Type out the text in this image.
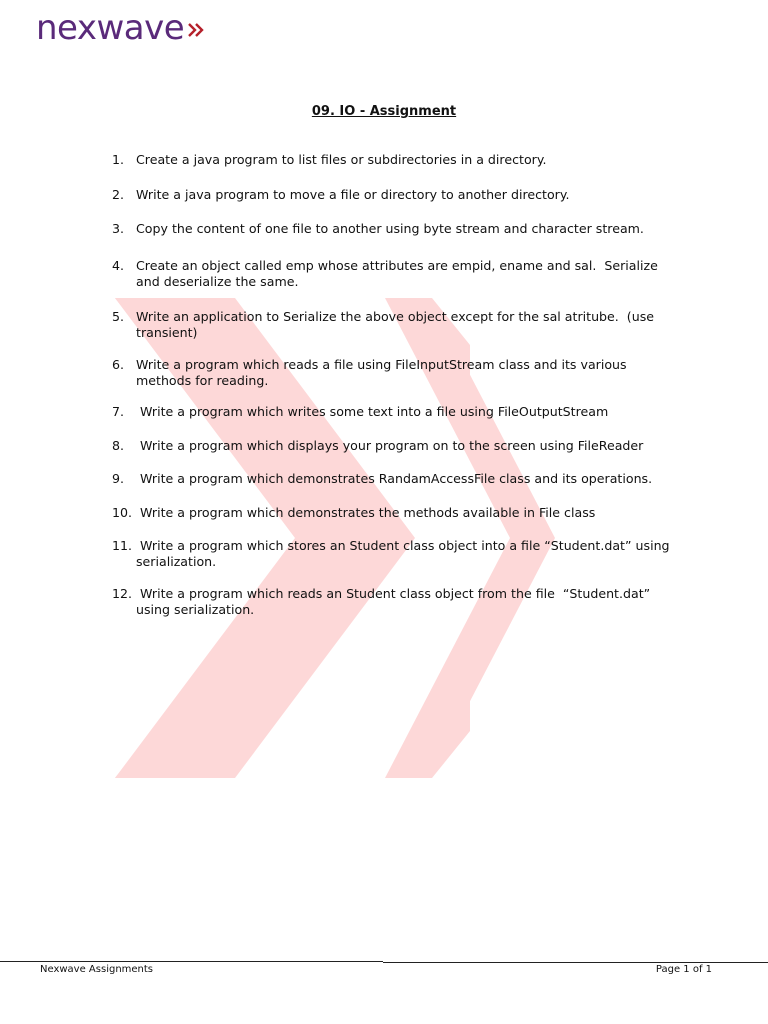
nexwave
09. IO - Assignment
1. Create a java program to list files or subdirectories in a directory.
2. Write a java program to move a file or directory to another directory.
3. Copy the content of one file to another using byte stream and character stream.
4. Create an object called emp whose attributes are empid, ename and sal.  Serialize and deserialize the same.
5. Write an application to Serialize the above object except for the sal atritube.  (use transient)
6. Write a program which reads a file using FileInputStream class and its various methods for reading.
7. Write a program which writes some text into a file using FileOutputStream
8. Write a program which displays your program on to the screen using FileReader
9. Write a program which demonstrates RandamAccessFile class and its operations.
10. Write a program which demonstrates the methods available in File class
11. Write a program which stores an Student class object into a file “Student.dat” using serialization.
12. Write a program which reads an Student class object from the file  “Student.dat” using serialization.
Nexwave Assignments	Page 1 of 1
